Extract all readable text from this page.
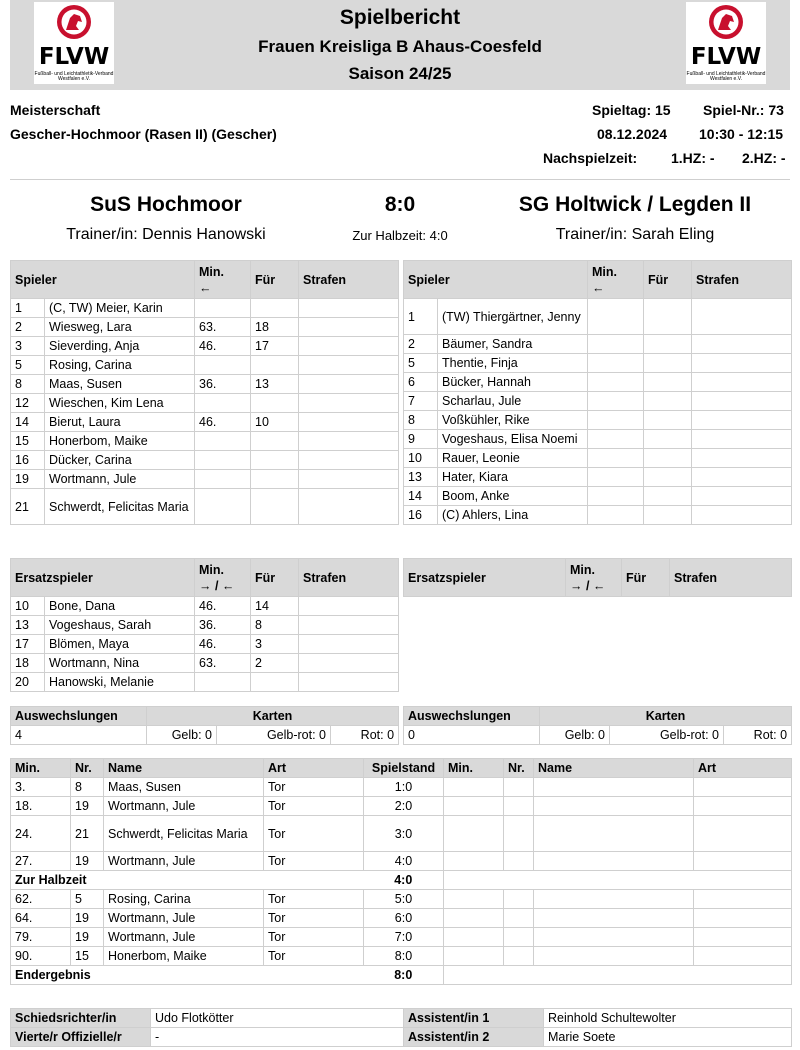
FLVW
Fußball- und Leichtathletik-Verband Westfalen e.V.
FLVW
Fußball- und Leichtathletik-Verband Westfalen e.V.
Spielbericht
Frauen Kreisliga B Ahaus-Coesfeld
Saison 24/25
Meisterschaft
Gescher-Hochmoor (Rasen II) (Gescher)
Spieltag: 15 Spiel-Nr.: 73
08.12.2024 10:30 - 12:15
Nachspielzeit: 1.HZ: - 2.HZ: -
SuS Hochmoor	8:0	SG Holtwick / Legden II
Trainer/in: Dennis Hanowski	Zur Halbzeit: 4:0	Trainer/in: Sarah Eling
Spieler		Min.
←	Für	Strafen
1	(C, TW) Meier, Karin			
2	Wiesweg, Lara	63.	18	
3	Sieverding, Anja	46.	17	
5	Rosing, Carina			
8	Maas, Susen	36.	13	
12	Wieschen, Kim Lena			
14	Bierut, Laura	46.	10	
15	Honerbom, Maike			
16	Dücker, Carina			
19	Wortmann, Jule			
21	Schwerdt, Felicitas Maria			
Spieler		Min.
←	Für	Strafen
1	(TW) Thiergärtner, Jenny			
2	Bäumer, Sandra			
5	Thentie, Finja			
6	Bücker, Hannah			
7	Scharlau, Jule			
8	Voßkühler, Rike			
9	Vogeshaus, Elisa Noemi			
10	Rauer, Leonie			
13	Hater, Kiara			
14	Boom, Anke			
16	(C) Ahlers, Lina			
Ersatzspieler		Min.
→ / ←	Für	Strafen
10	Bone, Dana	46.	14	
13	Vogeshaus, Sarah	36.	8	
17	Blömen, Maya	46.	3	
18	Wortmann, Nina	63.	2	
20	Hanowski, Melanie			
Ersatzspieler	Min.
→ / ←	Für	Strafen
Auswechslungen	Karten		
4	Gelb: 0	Gelb-rot: 0	Rot: 0
Auswechslungen	Karten		
0	Gelb: 0	Gelb-rot: 0	Rot: 0
Min.	Nr.	Name	Art	Spielstand	Min.	Nr.	Name	Art
3.	8	Maas, Susen	Tor	1:0				
18.	19	Wortmann, Jule	Tor	2:0				
24.	21	Schwerdt, Felicitas Maria	Tor	3:0				
27.	19	Wortmann, Jule	Tor	4:0				
Zur Halbzeit				4:0				
62.	5	Rosing, Carina	Tor	5:0				
64.	19	Wortmann, Jule	Tor	6:0				
79.	19	Wortmann, Jule	Tor	7:0				
90.	15	Honerbom, Maike	Tor	8:0				
Endergebnis				8:0				
Schiedsrichter/in	Udo Flotkötter	Assistent/in 1	Reinhold Schultewolter
Vierte/r Offizielle/r	-	Assistent/in 2	Marie Soete
